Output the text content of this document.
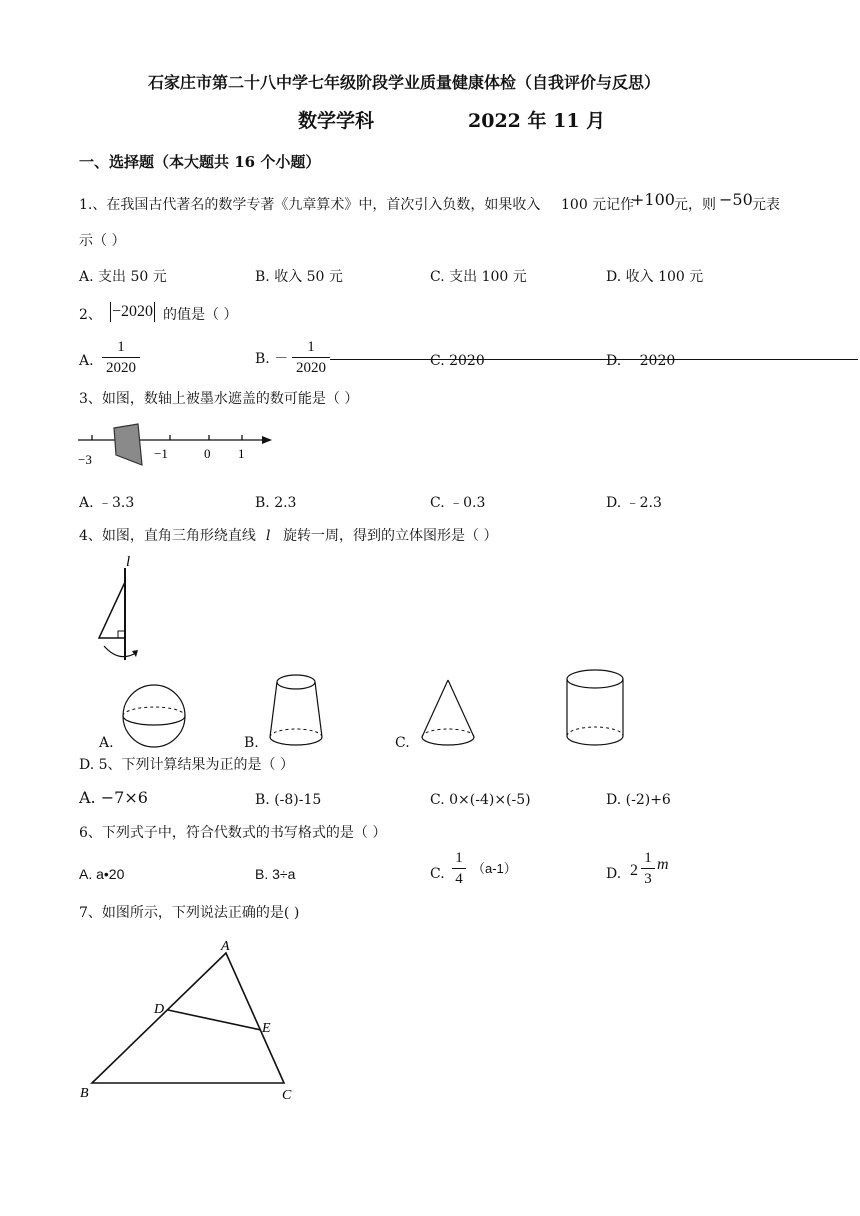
石家庄市第二十八中学七年级阶段学业质量健康体检（自我评价与反思）
数学学科	2022 年 11 月
一、选择题（本大题共 16 个小题）
1.、在我国古代著名的数学专著《九章算术》中，首次引入负数，如果收入 100 元记作
+100 元，则 −50 元表
示（ ）
A. 支出 50 元	B. 收入 50 元	C. 支出 100 元	D. 收入 100 元
2、 −2020 的值是（ ）
A.
1
2020
B. －
1
2020	C. 2020	D. －2020
3、如图，数轴上被墨水遮盖的数可能是（ ）
−3	−1	0 1
A. ﹣3.3	B. 2.3	C. ﹣0.3	D. ﹣2.3
4、如图，直角三角形绕直线 l 旋转一周，得到的立体图形是（ ）
l
A.	B.	C.
D. 5、下列计算结果为正的是（ ）
A. −7×6	B. (-8)-15	C. 0×(-4)×(-5)	D. (-2)+6
6、下列式子中，符合代数式的书写格式的是（ ）
A. a•20	B. 3÷a	C.
1
4
（a-1）	D. 2
1
3
m
7、如图所示，下列说法正确的是( )
A
D
E
B	C
